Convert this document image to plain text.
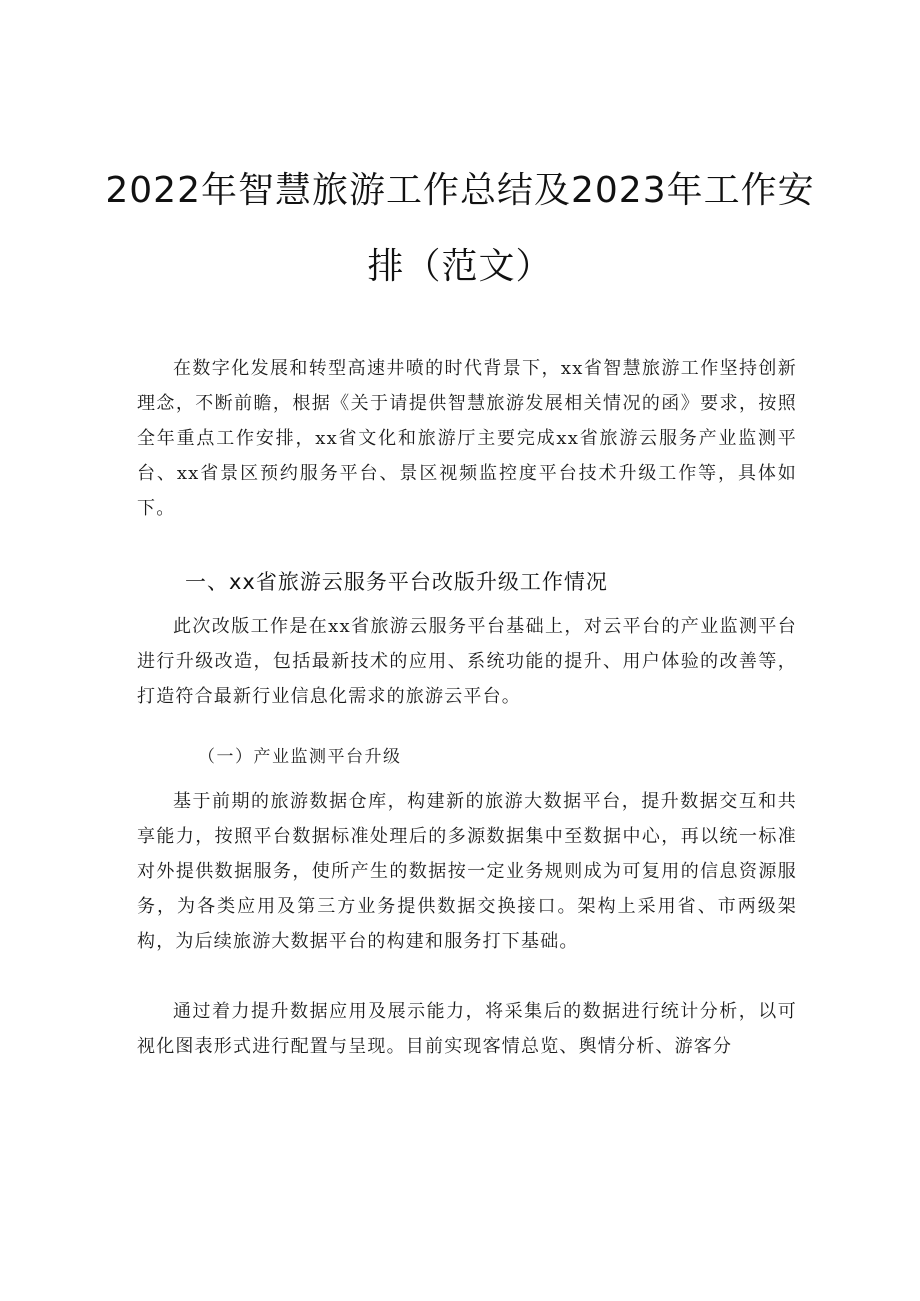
2022年智慧旅游工作总结及2023年工作安
排（范文）

在数字化发展和转型高速井喷的时代背景下，xx省智慧旅游工作坚持创新理念，不断前瞻，根据《关于请提供智慧旅游发展相关情况的函》要求，按照全年重点工作安排，xx省文化和旅游厅主要完成xx省旅游云服务产业监测平台、xx省景区预约服务平台、景区视频监控度平台技术升级工作等，具体如下。

一、xx省旅游云服务平台改版升级工作情况

此次改版工作是在xx省旅游云服务平台基础上，对云平台的产业监测平台进行升级改造，包括最新技术的应用、系统功能的提升、用户体验的改善等，打造符合最新行业信息化需求的旅游云平台。

（一）产业监测平台升级

基于前期的旅游数据仓库，构建新的旅游大数据平台，提升数据交互和共享能力，按照平台数据标准处理后的多源数据集中至数据中心，再以统一标准对外提供数据服务，使所产生的数据按一定业务规则成为可复用的信息资源服务，为各类应用及第三方业务提供数据交换接口。架构上采用省、市两级架构，为后续旅游大数据平台的构建和服务打下基础。

通过着力提升数据应用及展示能力，将采集后的数据进行统计分析，以可视化图表形式进行配置与呈现。目前实现客情总览、舆情分析、游客分
